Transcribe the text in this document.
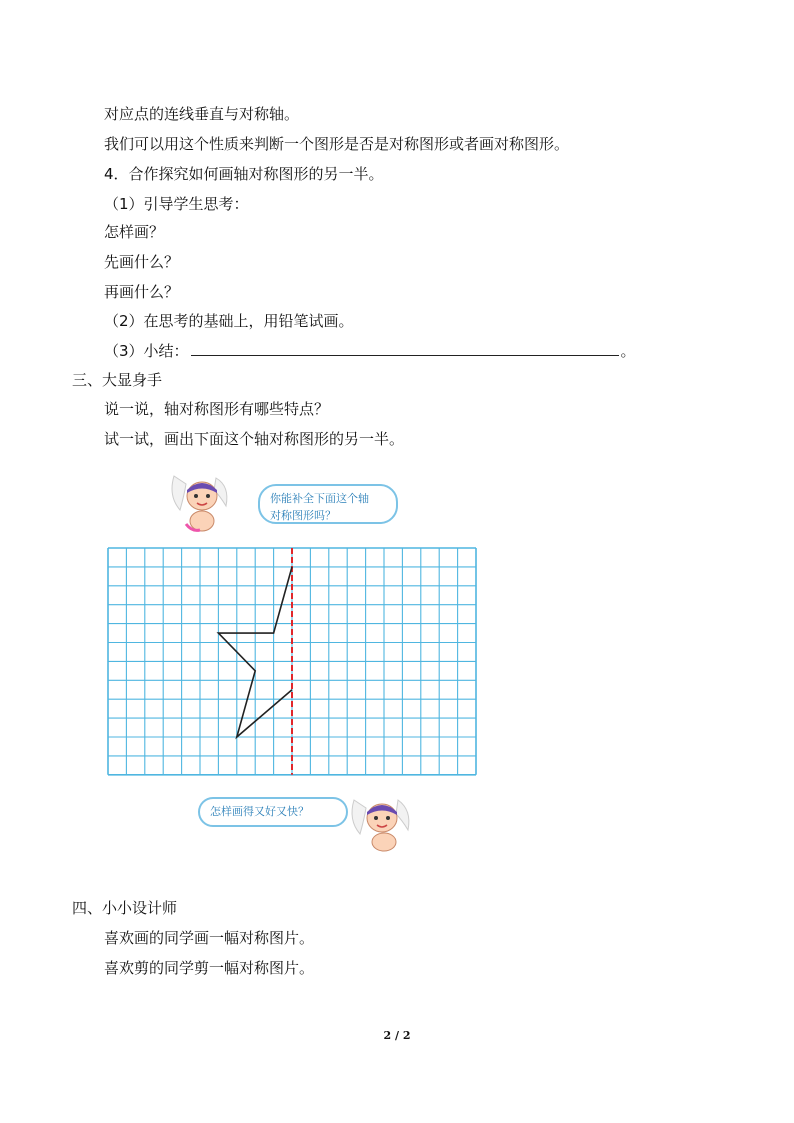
对应点的连线垂直与对称轴。
我们可以用这个性质来判断一个图形是否是对称图形或者画对称图形。
4．合作探究如何画轴对称图形的另一半。
（1）引导学生思考：
怎样画？
先画什么？
再画什么？
（2）在思考的基础上，用铅笔试画。
（3）小结：	。
三、大显身手
说一说，轴对称图形有哪些特点？
试一试，画出下面这个轴对称图形的另一半。
你能补全下面这个轴
对称图形吗？
怎样画得又好又快？
四、小小设计师
喜欢画的同学画一幅对称图片。
喜欢剪的同学剪一幅对称图片。
2 / 2
